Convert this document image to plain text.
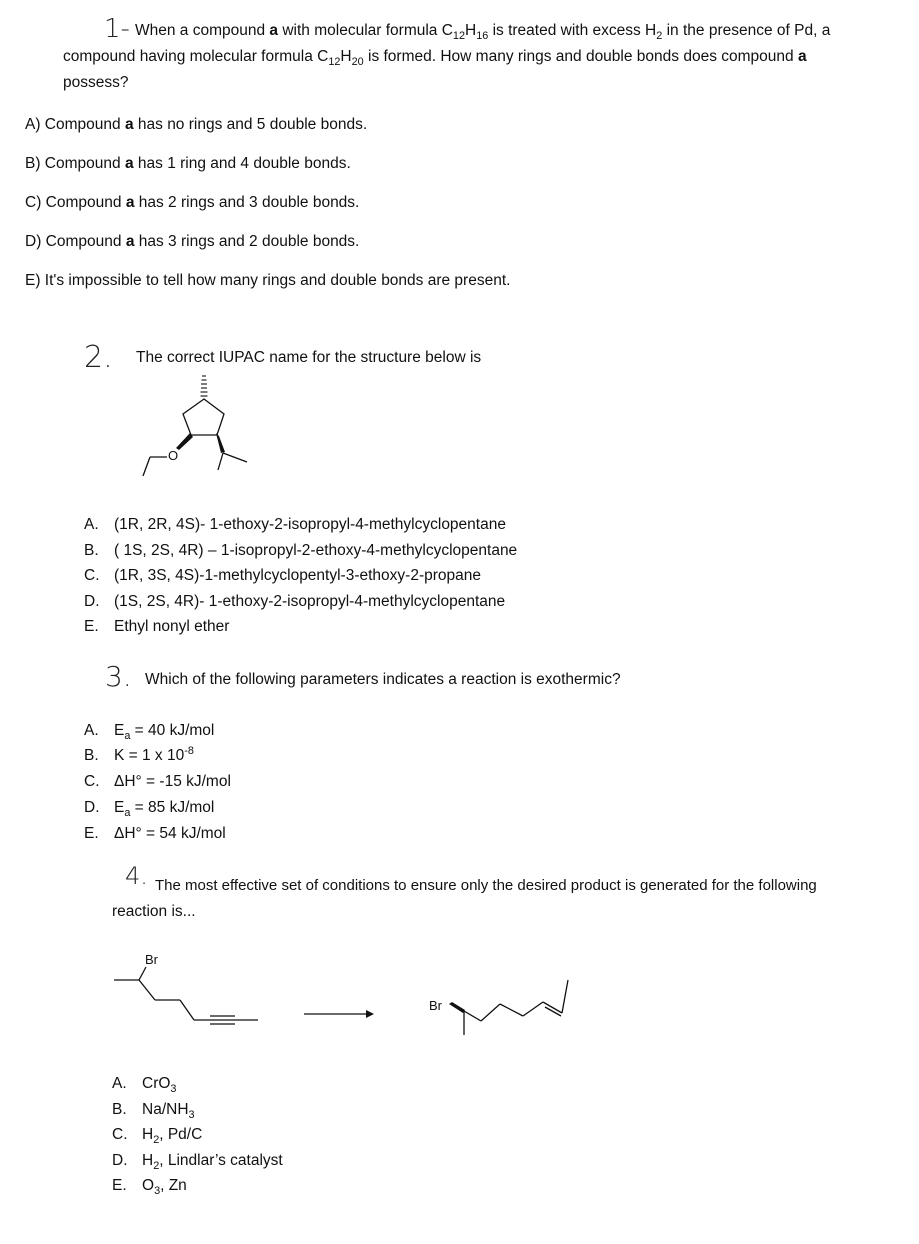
1- When a compound a with molecular formula $C_{12}H_{16}$ is treated with excess $H_2$ in the presence of Pd, a
compound having molecular formula $C_{12}H_{20}$ is formed. How many rings and double bonds does compound a
possess?
A) Compound a has no rings and 5 double bonds.
B) Compound a has 1 ring and 4 double bonds.
C) Compound a has 2 rings and 3 double bonds.
D) Compound a has 3 rings and 2 double bonds.
E) It's impossible to tell how many rings and double bonds are present.
2. The correct IUPAC name for the structure below is
O
A. (1R, 2R, 4S)- 1-ethoxy-2-isopropyl-4-methylcyclopentane
B. ( 1S, 2S, 4R) – 1-isopropyl-2-ethoxy-4-methylcyclopentane
C. (1R, 3S, 4S)-1-methylcyclopentyl-3-ethoxy-2-propane
D. (1S, 2S, 4R)- 1-ethoxy-2-isopropyl-4-methylcyclopentane
E. Ethyl nonyl ether
3. Which of the following parameters indicates a reaction is exothermic?
A. $E_a = 40$ kJ/mol
B. K = 1 x $10^{-8}$
C. ΔH° = -15 kJ/mol
D. $E_a = 85$ kJ/mol
E. ΔH° = 54 kJ/mol
4. The most effective set of conditions to ensure only the desired product is generated for the following
reaction is...
Br
Br
A. CrO$_3$
B. $Na/NH_3$
C. $H_2$, Pd/C
D. $H_2$, Lindlar’s catalyst
E. $O_3$, Zn
